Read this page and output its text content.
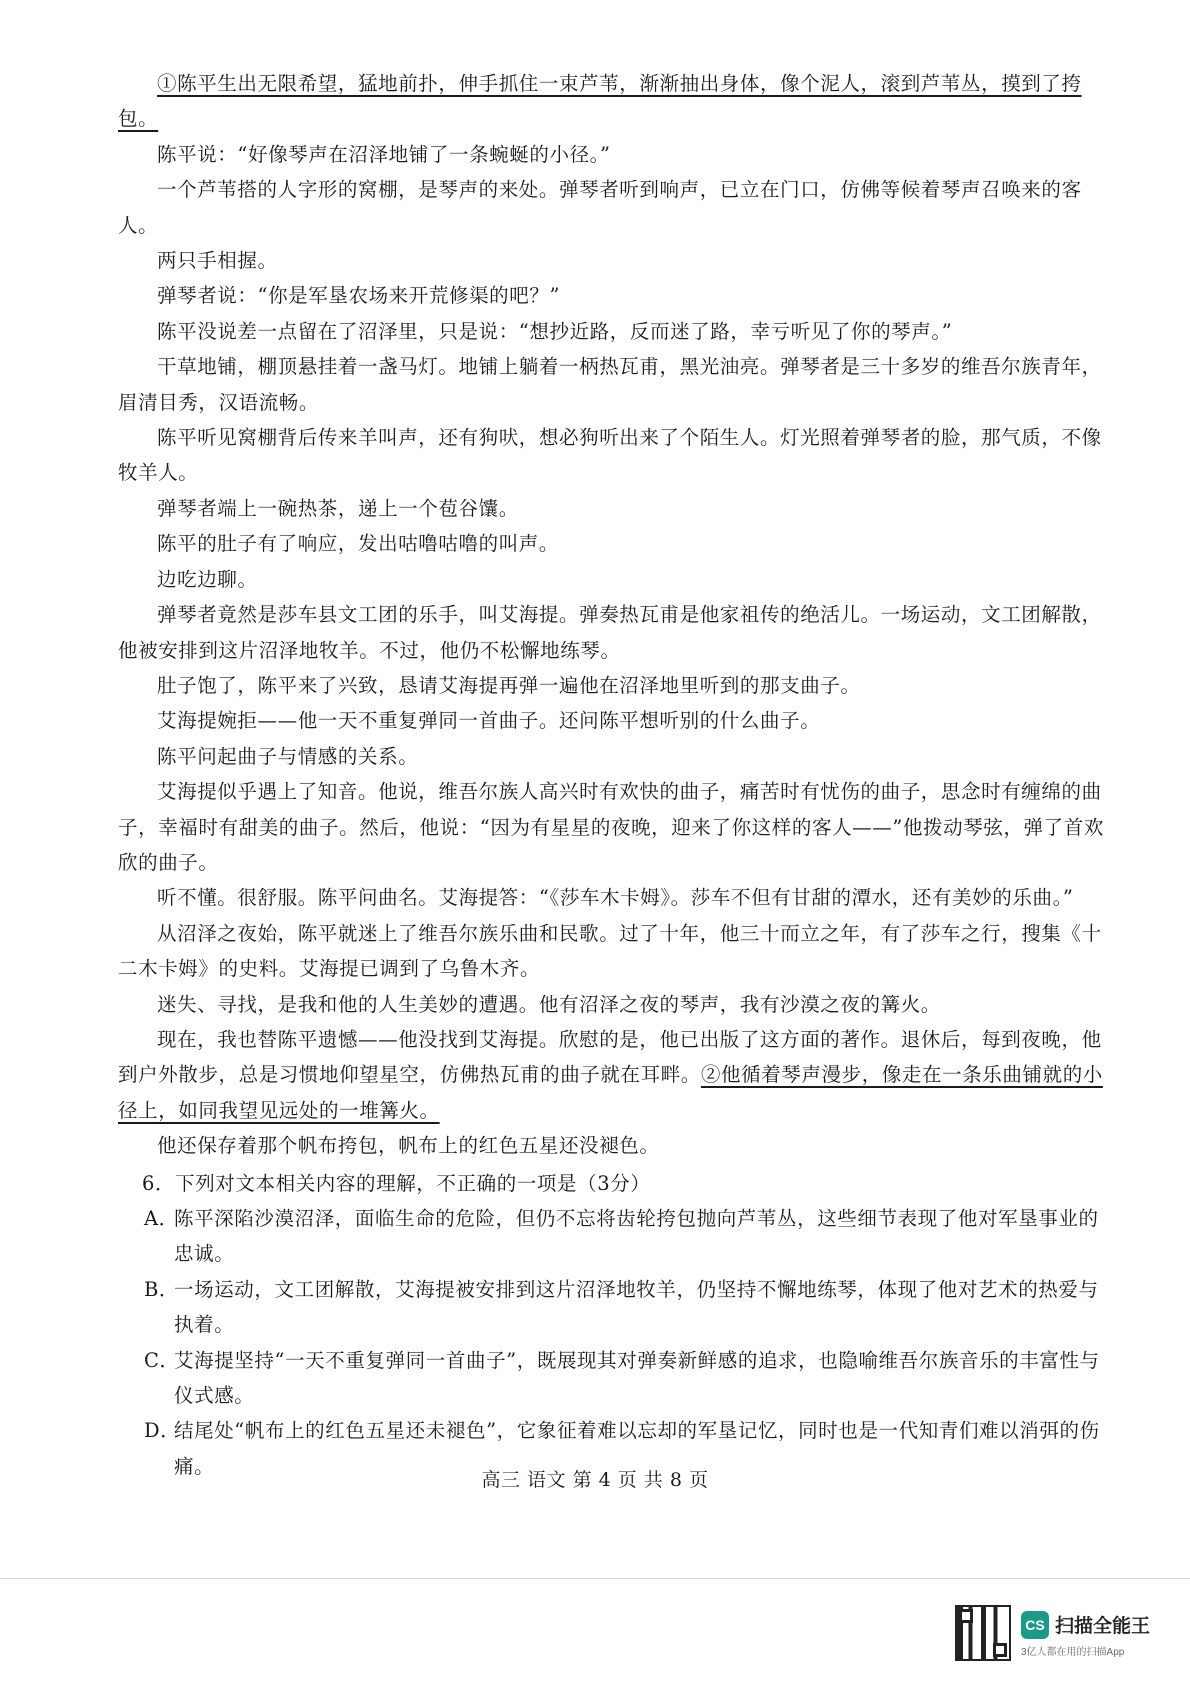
①陈平生出无限希望，猛地前扑，伸手抓住一束芦苇，渐渐抽出身体，像个泥人，滚到芦苇丛，摸到了挎包。

陈平说：“好像琴声在沼泽地铺了一条蜿蜒的小径。”

一个芦苇搭的人字形的窝棚，是琴声的来处。弹琴者听到响声，已立在门口，仿佛等候着琴声召唤来的客人。

两只手相握。

弹琴者说：“你是军垦农场来开荒修渠的吧？”

陈平没说差一点留在了沼泽里，只是说：“想抄近路，反而迷了路，幸亏听见了你的琴声。”

干草地铺，棚顶悬挂着一盏马灯。地铺上躺着一柄热瓦甫，黑光油亮。弹琴者是三十多岁的维吾尔族青年，眉清目秀，汉语流畅。

陈平听见窝棚背后传来羊叫声，还有狗吠，想必狗听出来了个陌生人。灯光照着弹琴者的脸，那气质，不像牧羊人。

弹琴者端上一碗热茶，递上一个苞谷馕。

陈平的肚子有了响应，发出咕噜咕噜的叫声。

边吃边聊。

弹琴者竟然是莎车县文工团的乐手，叫艾海提。弹奏热瓦甫是他家祖传的绝活儿。一场运动，文工团解散，他被安排到这片沼泽地牧羊。不过，他仍不松懈地练琴。

肚子饱了，陈平来了兴致，恳请艾海提再弹一遍他在沼泽地里听到的那支曲子。

艾海提婉拒——他一天不重复弹同一首曲子。还问陈平想听别的什么曲子。

陈平问起曲子与情感的关系。

艾海提似乎遇上了知音。他说，维吾尔族人高兴时有欢快的曲子，痛苦时有忧伤的曲子，思念时有缠绵的曲子，幸福时有甜美的曲子。然后，他说：“因为有星星的夜晚，迎来了你这样的客人——”他拨动琴弦，弹了首欢欣的曲子。

听不懂。很舒服。陈平问曲名。艾海提答：“《莎车木卡姆》。莎车不但有甘甜的潭水，还有美妙的乐曲。”

从沼泽之夜始，陈平就迷上了维吾尔族乐曲和民歌。过了十年，他三十而立之年，有了莎车之行，搜集《十二木卡姆》的史料。艾海提已调到了乌鲁木齐。

迷失、寻找，是我和他的人生美妙的遭遇。他有沼泽之夜的琴声，我有沙漠之夜的篝火。

现在，我也替陈平遗憾——他没找到艾海提。欣慰的是，他已出版了这方面的著作。退休后，每到夜晚，他到户外散步，总是习惯地仰望星空，仿佛热瓦甫的曲子就在耳畔。②他循着琴声漫步，像走在一条乐曲铺就的小径上，如同我望见远处的一堆篝火。

他还保存着那个帆布挎包，帆布上的红色五星还没褪色。

6．下列对文本相关内容的理解，不正确的一项是（3分）

A．陈平深陷沙漠沼泽，面临生命的危险，但仍不忘将齿轮挎包抛向芦苇丛，这些细节表现了他对军垦事业的忠诚。

B．一场运动，文工团解散，艾海提被安排到这片沼泽地牧羊，仍坚持不懈地练琴，体现了他对艺术的热爱与执着。

C．艾海提坚持“一天不重复弹同一首曲子”，既展现其对弹奏新鲜感的追求，也隐喻维吾尔族音乐的丰富性与仪式感。

D．结尾处“帆布上的红色五星还未褪色”，它象征着难以忘却的军垦记忆，同时也是一代知青们难以消弭的伤痛。

高三 语文 第 4 页 共 8 页
CS 扫描全能王
3亿人都在用的扫描App
